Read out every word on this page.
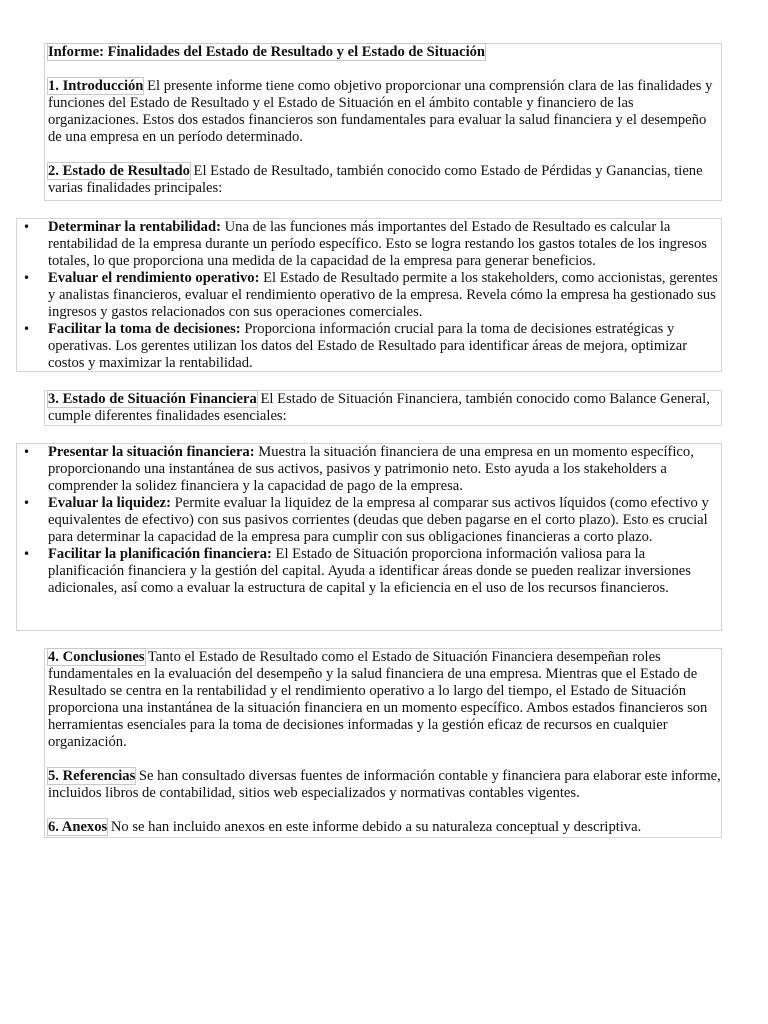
Informe: Finalidades del Estado de Resultado y el Estado de Situación

1. Introducción El presente informe tiene como objetivo proporcionar una comprensión clara de las finalidades y funciones del Estado de Resultado y el Estado de Situación en el ámbito contable y financiero de las organizaciones. Estos dos estados financieros son fundamentales para evaluar la salud financiera y el desempeño de una empresa en un período determinado.

2. Estado de Resultado El Estado de Resultado, también conocido como Estado de Pérdidas y Ganancias, tiene varias finalidades principales:

•	Determinar la rentabilidad: Una de las funciones más importantes del Estado de Resultado es calcular la rentabilidad de la empresa durante un período específico. Esto se logra restando los gastos totales de los ingresos totales, lo que proporciona una medida de la capacidad de la empresa para generar beneficios.
•	Evaluar el rendimiento operativo: El Estado de Resultado permite a los stakeholders, como accionistas, gerentes y analistas financieros, evaluar el rendimiento operativo de la empresa. Revela cómo la empresa ha gestionado sus ingresos y gastos relacionados con sus operaciones comerciales.
•	Facilitar la toma de decisiones: Proporciona información crucial para la toma de decisiones estratégicas y operativas. Los gerentes utilizan los datos del Estado de Resultado para identificar áreas de mejora, optimizar costos y maximizar la rentabilidad.

3. Estado de Situación Financiera El Estado de Situación Financiera, también conocido como Balance General, cumple diferentes finalidades esenciales:

•	Presentar la situación financiera: Muestra la situación financiera de una empresa en un momento específico, proporcionando una instantánea de sus activos, pasivos y patrimonio neto. Esto ayuda a los stakeholders a comprender la solidez financiera y la capacidad de pago de la empresa.
•	Evaluar la liquidez: Permite evaluar la liquidez de la empresa al comparar sus activos líquidos (como efectivo y equivalentes de efectivo) con sus pasivos corrientes (deudas que deben pagarse en el corto plazo). Esto es crucial para determinar la capacidad de la empresa para cumplir con sus obligaciones financieras a corto plazo.
•	Facilitar la planificación financiera: El Estado de Situación proporciona información valiosa para la planificación financiera y la gestión del capital. Ayuda a identificar áreas donde se pueden realizar inversiones adicionales, así como a evaluar la estructura de capital y la eficiencia en el uso de los recursos financieros.

4. Conclusiones Tanto el Estado de Resultado como el Estado de Situación Financiera desempeñan roles fundamentales en la evaluación del desempeño y la salud financiera de una empresa. Mientras que el Estado de Resultado se centra en la rentabilidad y el rendimiento operativo a lo largo del tiempo, el Estado de Situación proporciona una instantánea de la situación financiera en un momento específico. Ambos estados financieros son herramientas esenciales para la toma de decisiones informadas y la gestión eficaz de recursos en cualquier organización.

5. Referencias Se han consultado diversas fuentes de información contable y financiera para elaborar este informe, incluidos libros de contabilidad, sitios web especializados y normativas contables vigentes.

6. Anexos No se han incluido anexos en este informe debido a su naturaleza conceptual y descriptiva.
